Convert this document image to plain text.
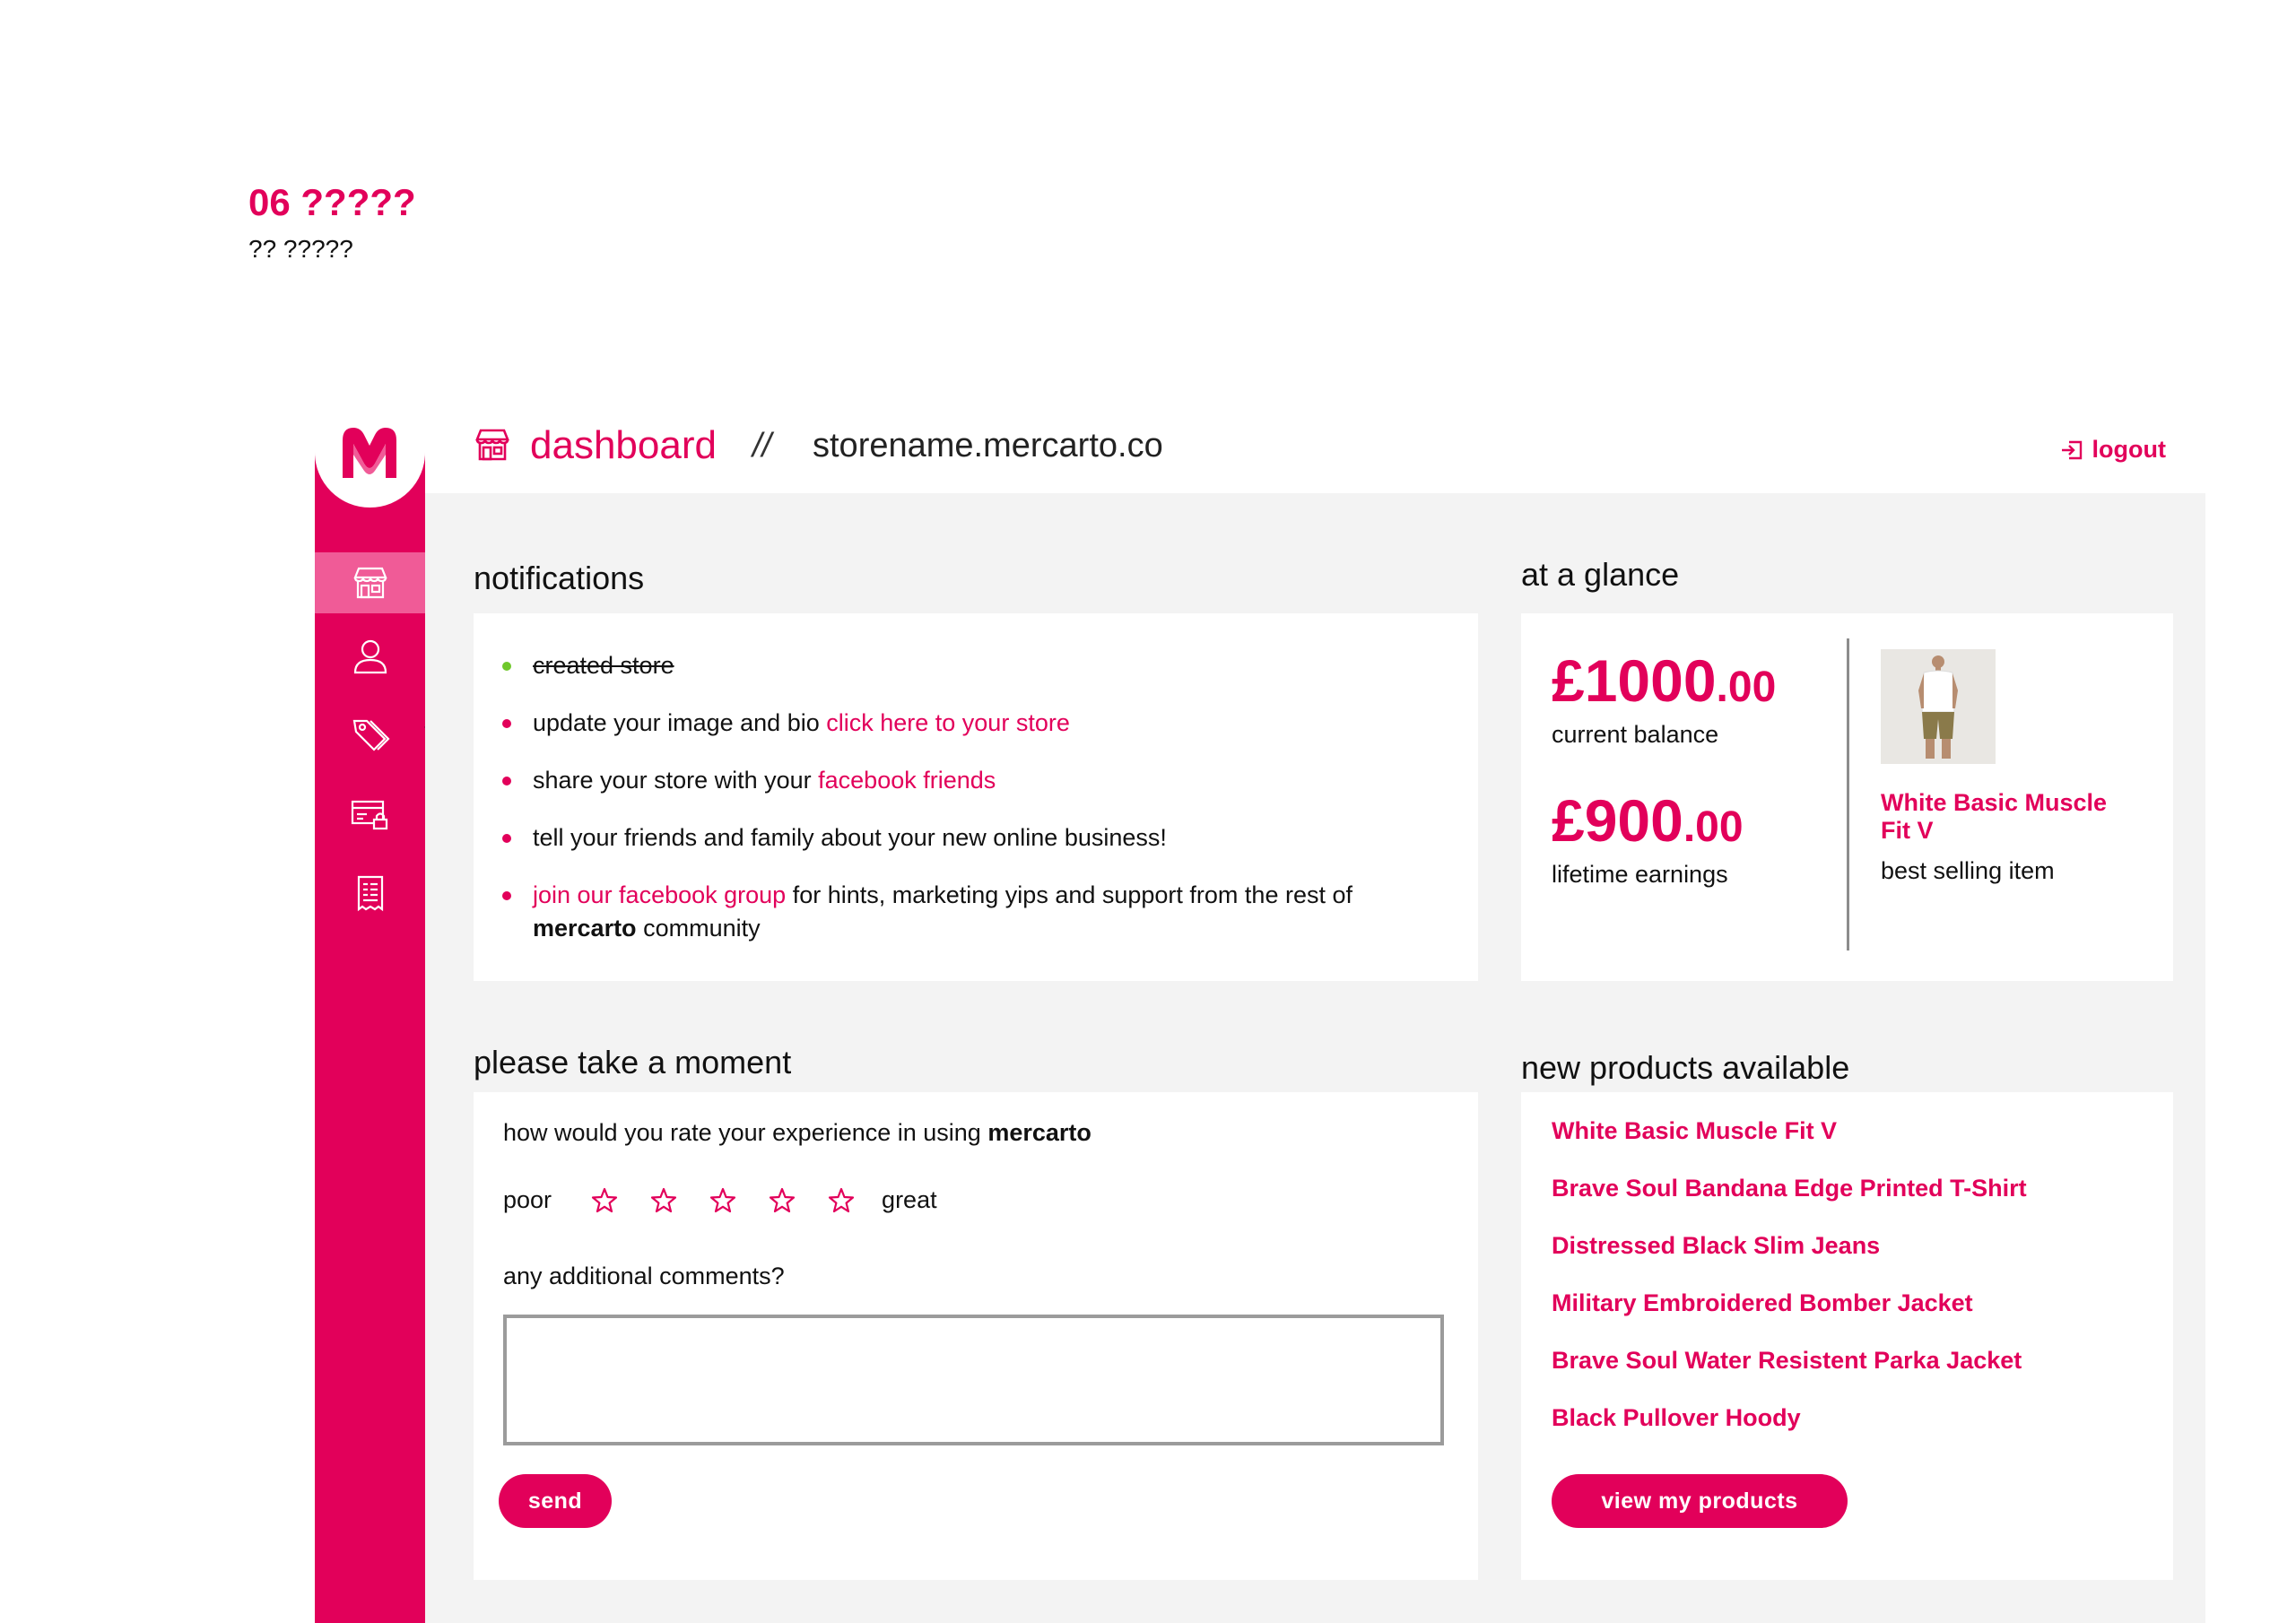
06 ?????
?? ?????
dashboard // storename.mercarto.co	logout
notifications
created store
update your image and bio click here to your store
share your store with your facebook friends
tell your friends and family about your new online business!
join our facebook group for hints, marketing yips and support from the rest of mercarto community
at a glance
£1000.00
current balance
£900.00
lifetime earnings
White Basic Muscle Fit V
best selling item
please take a moment
how would you rate your experience in using mercarto
poor	great
any additional comments?
send
new products available
White Basic Muscle Fit V
Brave Soul Bandana Edge Printed T-Shirt
Distressed Black Slim Jeans
Military Embroidered Bomber Jacket
Brave Soul Water Resistent Parka Jacket
Black Pullover Hoody
view my products
